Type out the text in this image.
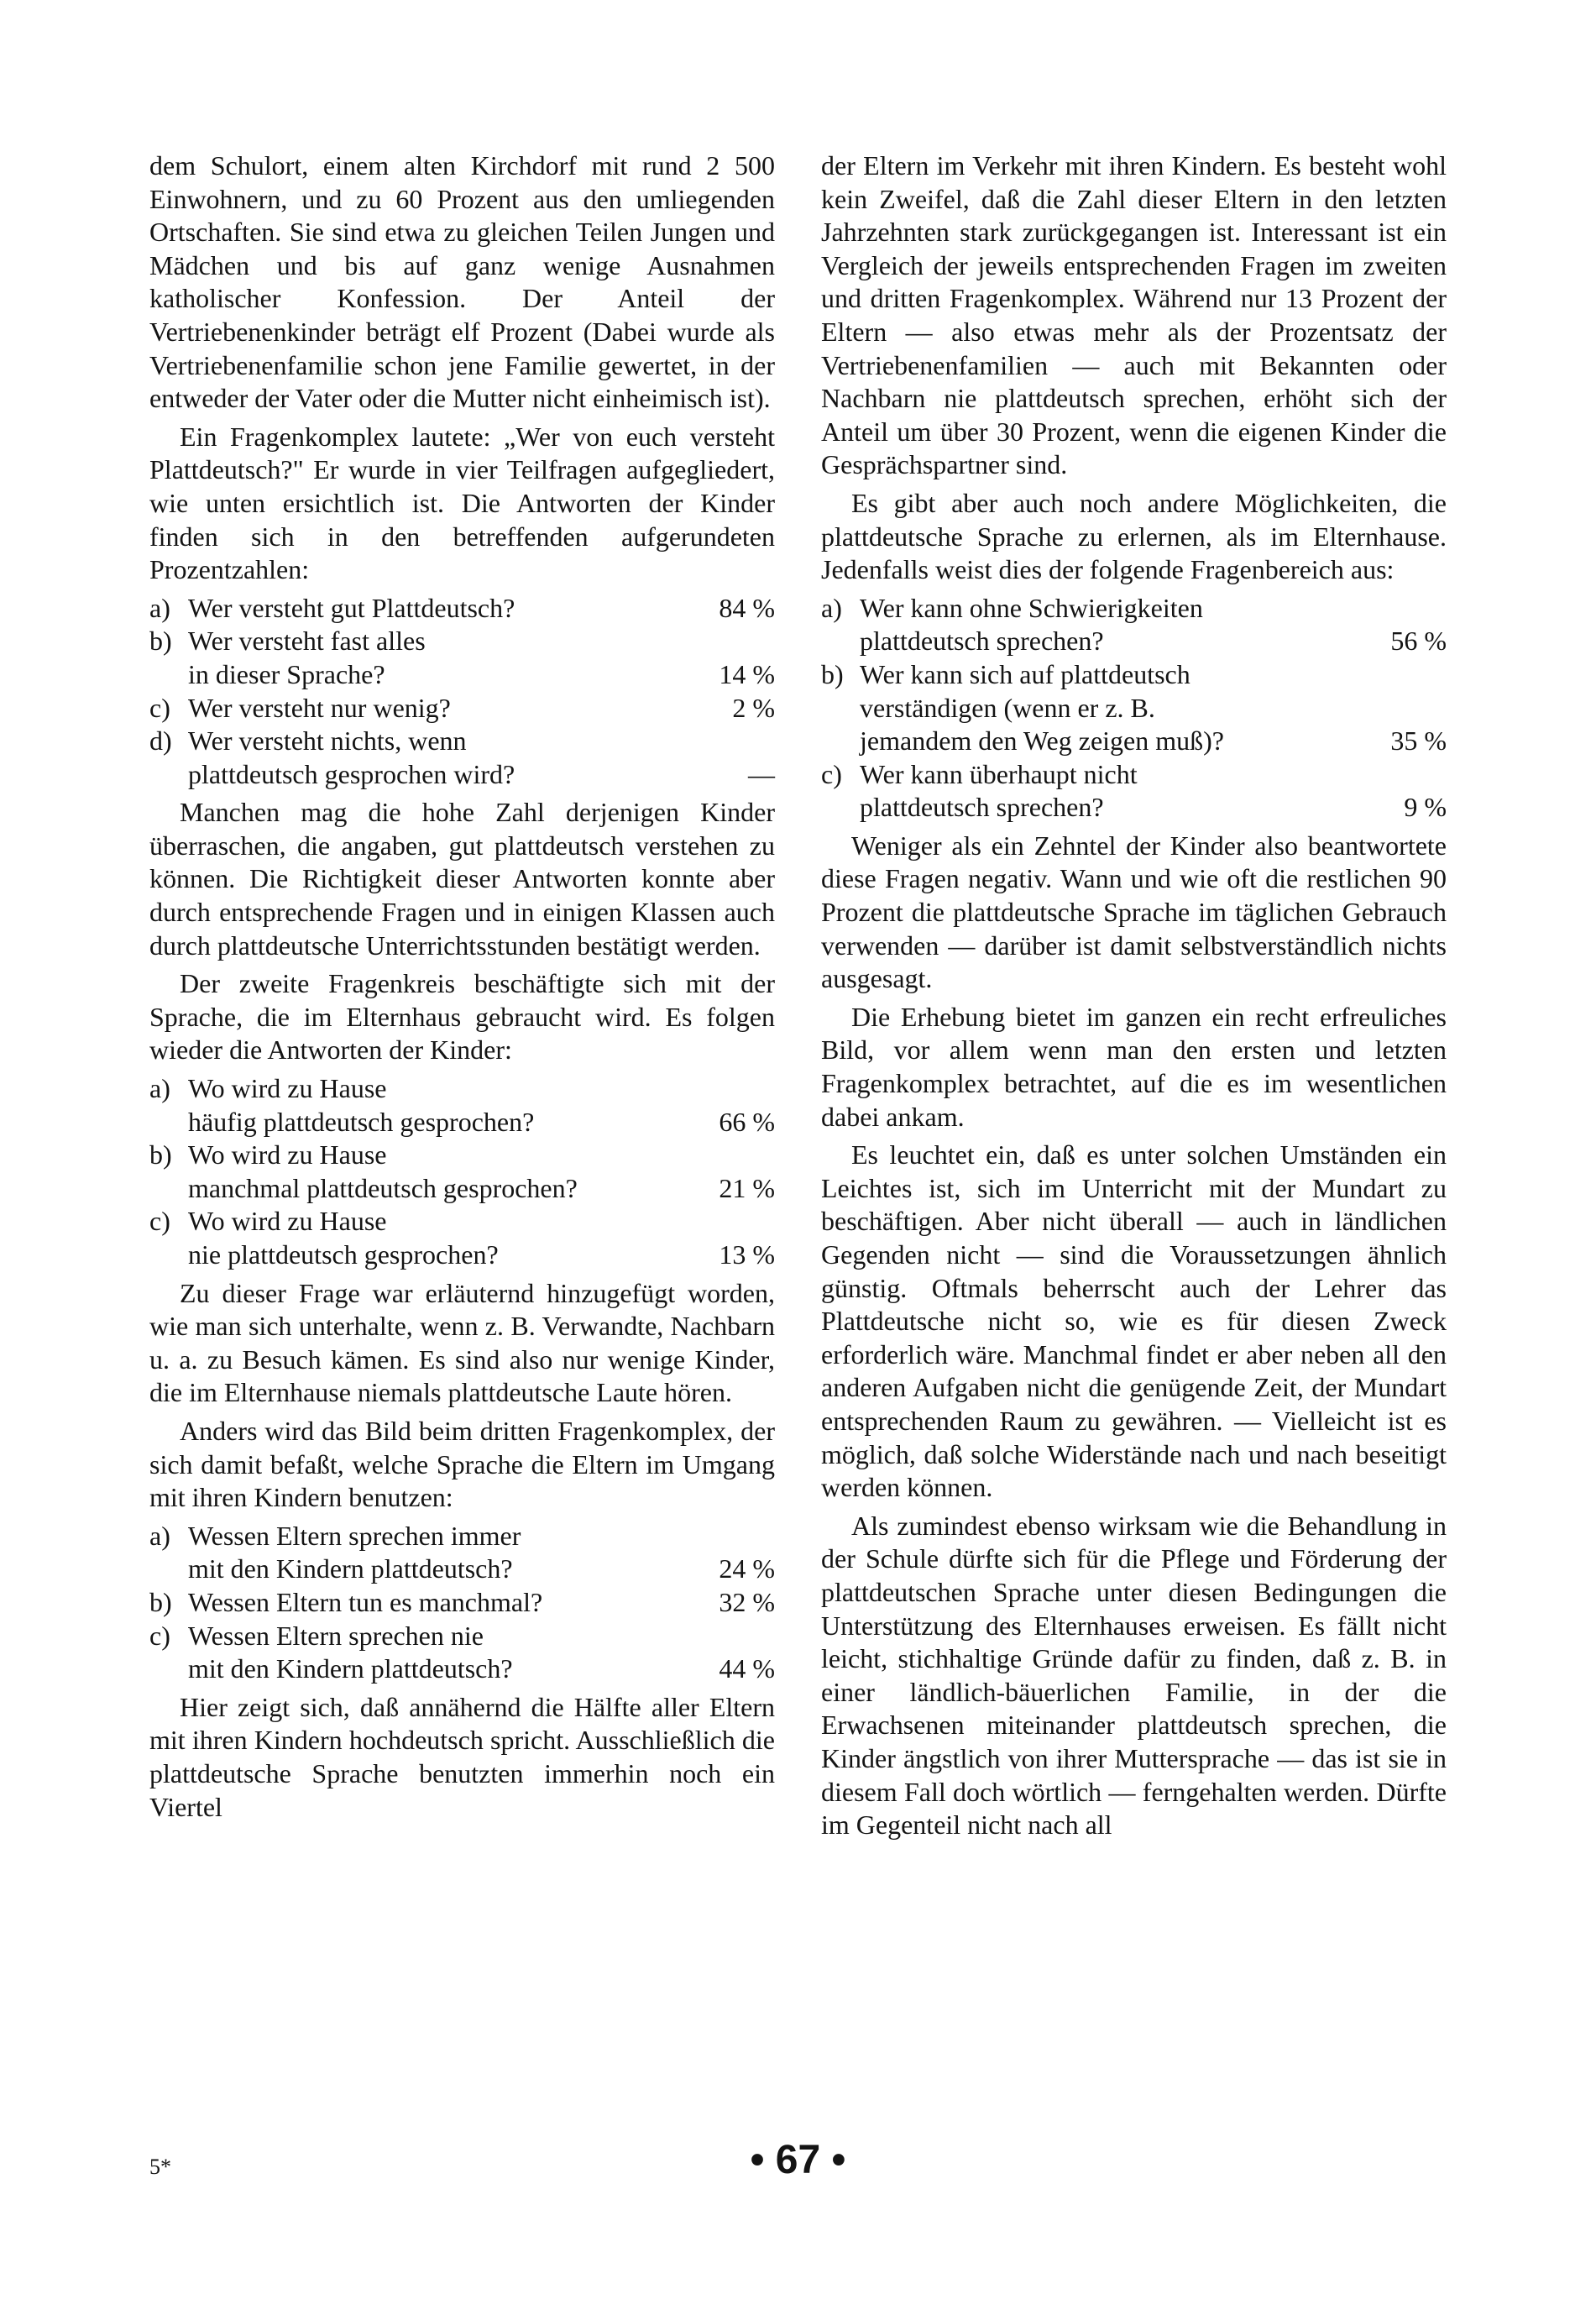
dem Schulort, einem alten Kirchdorf mit rund 2 500 Einwohnern, und zu 60 Prozent aus den umliegenden Ortschaften. Sie sind etwa zu gleichen Teilen Jungen und Mädchen und bis auf ganz wenige Ausnahmen katholischer Konfession. Der Anteil der Vertriebenenkinder beträgt elf Prozent (Dabei wurde als Vertriebenenfamilie schon jene Familie gewertet, in der entweder der Vater oder die Mutter nicht einheimisch ist).

Ein Fragenkomplex lautete: „Wer von euch versteht Plattdeutsch?" Er wurde in vier Teilfragen aufgegliedert, wie unten ersichtlich ist. Die Antworten der Kinder finden sich in den betreffenden aufgerundeten Prozentzahlen:

a) Wer versteht gut Plattdeutsch?	84 %
b) Wer versteht fast alles
in dieser Sprache?	14 %
c) Wer versteht nur wenig?	2 %
d) Wer versteht nichts, wenn
plattdeutsch gesprochen wird?	—

Manchen mag die hohe Zahl derjenigen Kinder überraschen, die angaben, gut plattdeutsch verstehen zu können. Die Richtigkeit dieser Antworten konnte aber durch entsprechende Fragen und in einigen Klassen auch durch plattdeutsche Unterrichtsstunden bestätigt werden.

Der zweite Fragenkreis beschäftigte sich mit der Sprache, die im Elternhaus gebraucht wird. Es folgen wieder die Antworten der Kinder:

a) Wo wird zu Hause
häufig plattdeutsch gesprochen?	66 %
b) Wo wird zu Hause
manchmal plattdeutsch gesprochen?	21 %
c) Wo wird zu Hause
nie plattdeutsch gesprochen?	13 %

Zu dieser Frage war erläuternd hinzugefügt worden, wie man sich unterhalte, wenn z. B. Verwandte, Nachbarn u. a. zu Besuch kämen. Es sind also nur wenige Kinder, die im Elternhause niemals plattdeutsche Laute hören.

Anders wird das Bild beim dritten Fragenkomplex, der sich damit befaßt, welche Sprache die Eltern im Umgang mit ihren Kindern benutzen:

a) Wessen Eltern sprechen immer
mit den Kindern plattdeutsch?	24 %
b) Wessen Eltern tun es manchmal?	32 %
c) Wessen Eltern sprechen nie
mit den Kindern plattdeutsch?	44 %

Hier zeigt sich, daß annähernd die Hälfte aller Eltern mit ihren Kindern hochdeutsch spricht. Ausschließlich die plattdeutsche Sprache benutzten immerhin noch ein Viertel

der Eltern im Verkehr mit ihren Kindern. Es besteht wohl kein Zweifel, daß die Zahl dieser Eltern in den letzten Jahrzehnten stark zurückgegangen ist. Interessant ist ein Vergleich der jeweils entsprechenden Fragen im zweiten und dritten Fragenkomplex. Während nur 13 Prozent der Eltern — also etwas mehr als der Prozentsatz der Vertriebenenfamilien — auch mit Bekannten oder Nachbarn nie plattdeutsch sprechen, erhöht sich der Anteil um über 30 Prozent, wenn die eigenen Kinder die Gesprächspartner sind.

Es gibt aber auch noch andere Möglichkeiten, die plattdeutsche Sprache zu erlernen, als im Elternhause. Jedenfalls weist dies der folgende Fragenbereich aus:

a) Wer kann ohne Schwierigkeiten
plattdeutsch sprechen?	56 %
b) Wer kann sich auf plattdeutsch
verständigen (wenn er z. B.
jemandem den Weg zeigen muß)?	35 %
c) Wer kann überhaupt nicht
plattdeutsch sprechen?	9 %

Weniger als ein Zehntel der Kinder also beantwortete diese Fragen negativ. Wann und wie oft die restlichen 90 Prozent die plattdeutsche Sprache im täglichen Gebrauch verwenden — darüber ist damit selbstverständlich nichts ausgesagt.

Die Erhebung bietet im ganzen ein recht erfreuliches Bild, vor allem wenn man den ersten und letzten Fragenkomplex betrachtet, auf die es im wesentlichen dabei ankam.

Es leuchtet ein, daß es unter solchen Umständen ein Leichtes ist, sich im Unterricht mit der Mundart zu beschäftigen. Aber nicht überall — auch in ländlichen Gegenden nicht — sind die Voraussetzungen ähnlich günstig. Oftmals beherrscht auch der Lehrer das Plattdeutsche nicht so, wie es für diesen Zweck erforderlich wäre. Manchmal findet er aber neben all den anderen Aufgaben nicht die genügende Zeit, der Mundart entsprechenden Raum zu gewähren. — Vielleicht ist es möglich, daß solche Widerstände nach und nach beseitigt werden können.

Als zumindest ebenso wirksam wie die Behandlung in der Schule dürfte sich für die Pflege und Förderung der plattdeutschen Sprache unter diesen Bedingungen die Unterstützung des Elternhauses erweisen. Es fällt nicht leicht, stichhaltige Gründe dafür zu finden, daß z. B. in einer ländlich-bäuerlichen Familie, in der die Erwachsenen miteinander plattdeutsch sprechen, die Kinder ängstlich von ihrer Muttersprache — das ist sie in diesem Fall doch wörtlich — ferngehalten werden. Dürfte im Gegenteil nicht nach all

5*	• 67 •
